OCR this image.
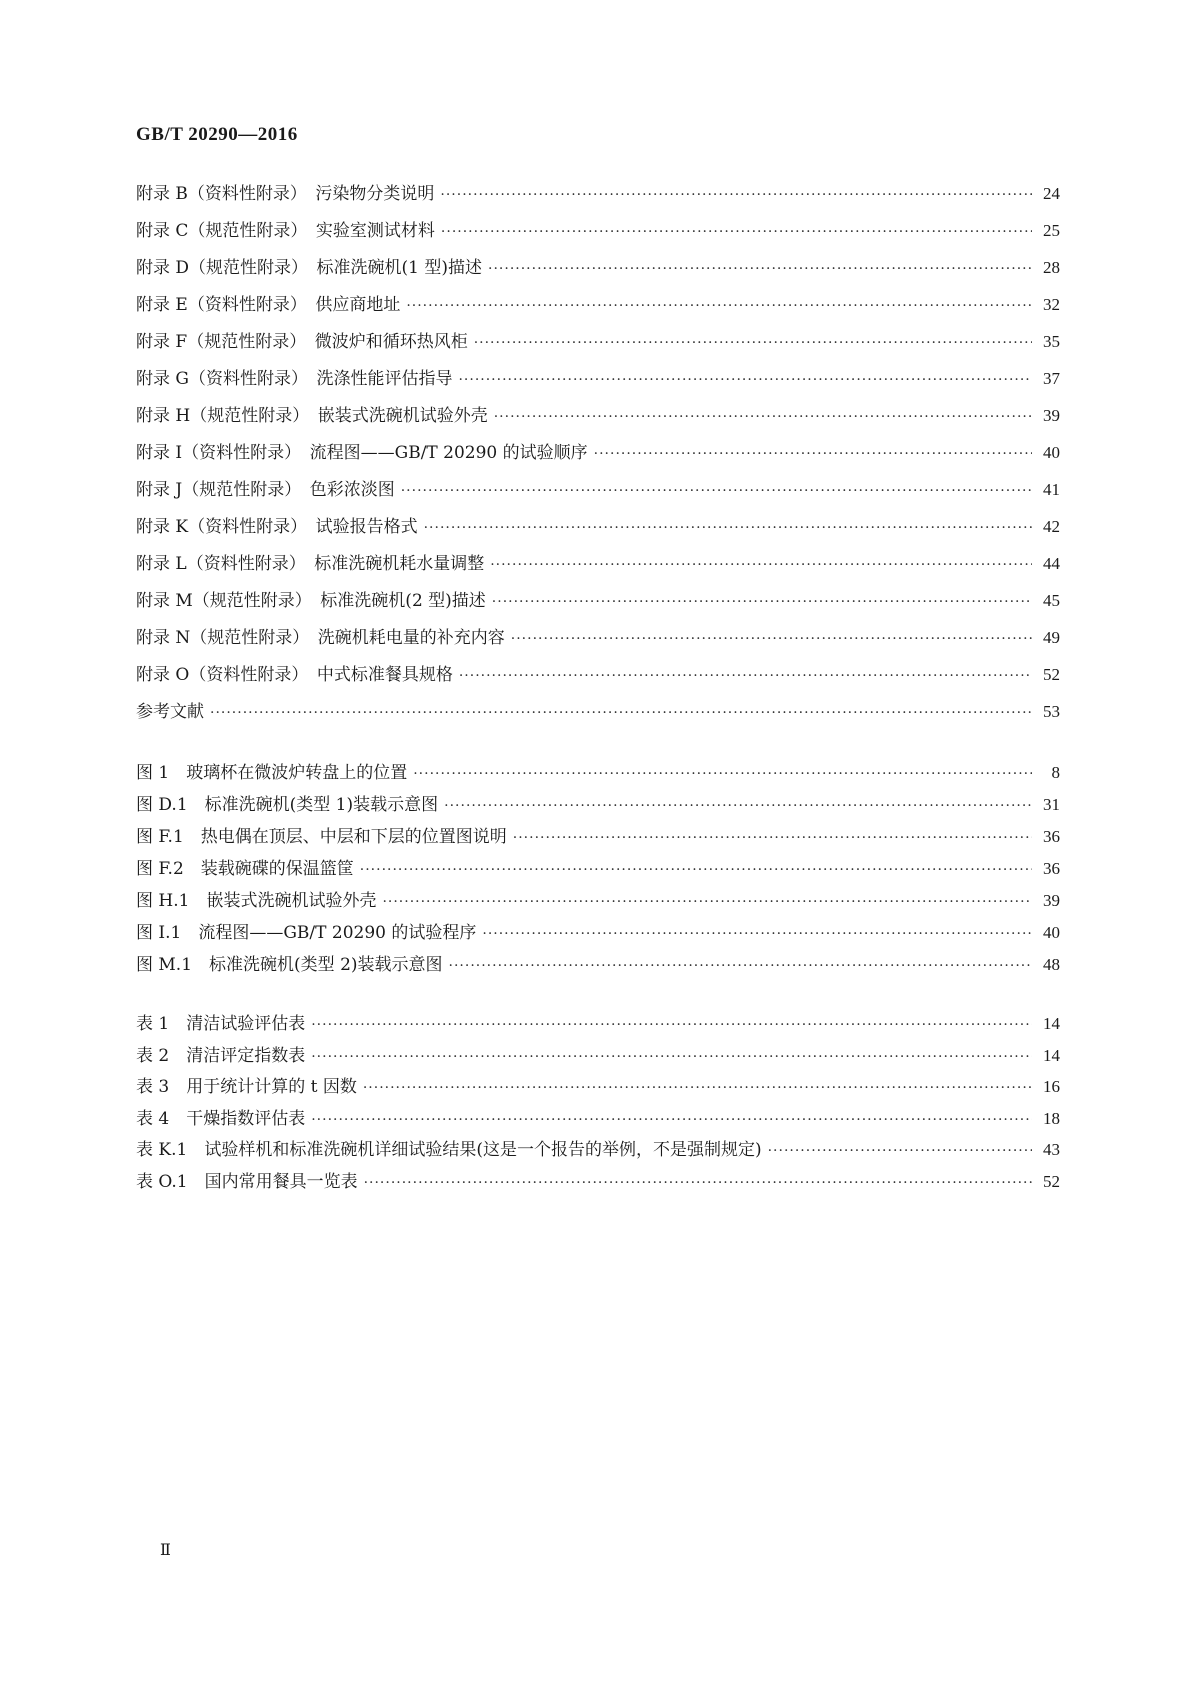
GB/T 20290—2016
附录 B（资料性附录）　污染物分类说明 ·····	24
附录 C（规范性附录）　实验室测试材料 ·····	25
附录 D（规范性附录）　标准洗碗机(1 型)描述 ·····	28
附录 E（资料性附录）　供应商地址 ·····	32
附录 F（规范性附录）　微波炉和循环热风柜 ·····	35
附录 G（资料性附录）　洗涤性能评估指导 ·····	37
附录 H（规范性附录）　嵌装式洗碗机试验外壳 ·····	39
附录 I（资料性附录）　流程图——GB/T 20290 的试验顺序 ·····	40
附录 J（规范性附录）　色彩浓淡图 ·····	41
附录 K（资料性附录）　试验报告格式 ·····	42
附录 L（资料性附录）　标准洗碗机耗水量调整 ·····	44
附录 M（规范性附录）　标准洗碗机(2 型)描述 ·····	45
附录 N（规范性附录）　洗碗机耗电量的补充内容 ·····	49
附录 O（资料性附录）　中式标准餐具规格 ·····	52
参考文献 ·····	53
图 1　玻璃杯在微波炉转盘上的位置 ·····	8
图 D.1　标准洗碗机(类型 1)装载示意图 ·····	31
图 F.1　热电偶在顶层、中层和下层的位置图说明 ·····	36
图 F.2　装载碗碟的保温篮筐 ·····	36
图 H.1　嵌装式洗碗机试验外壳 ·····	39
图 I.1　流程图——GB/T 20290 的试验程序 ·····	40
图 M.1　标准洗碗机(类型 2)装载示意图 ·····	48
表 1　清洁试验评估表 ·····	14
表 2　清洁评定指数表 ·····	14
表 3　用于统计计算的 t 因数 ·····	16
表 4　干燥指数评估表 ·····	18
表 K.1　试验样机和标准洗碗机详细试验结果(这是一个报告的举例，不是强制规定) ·····	43
表 O.1　国内常用餐具一览表 ·····	52
Ⅱ
